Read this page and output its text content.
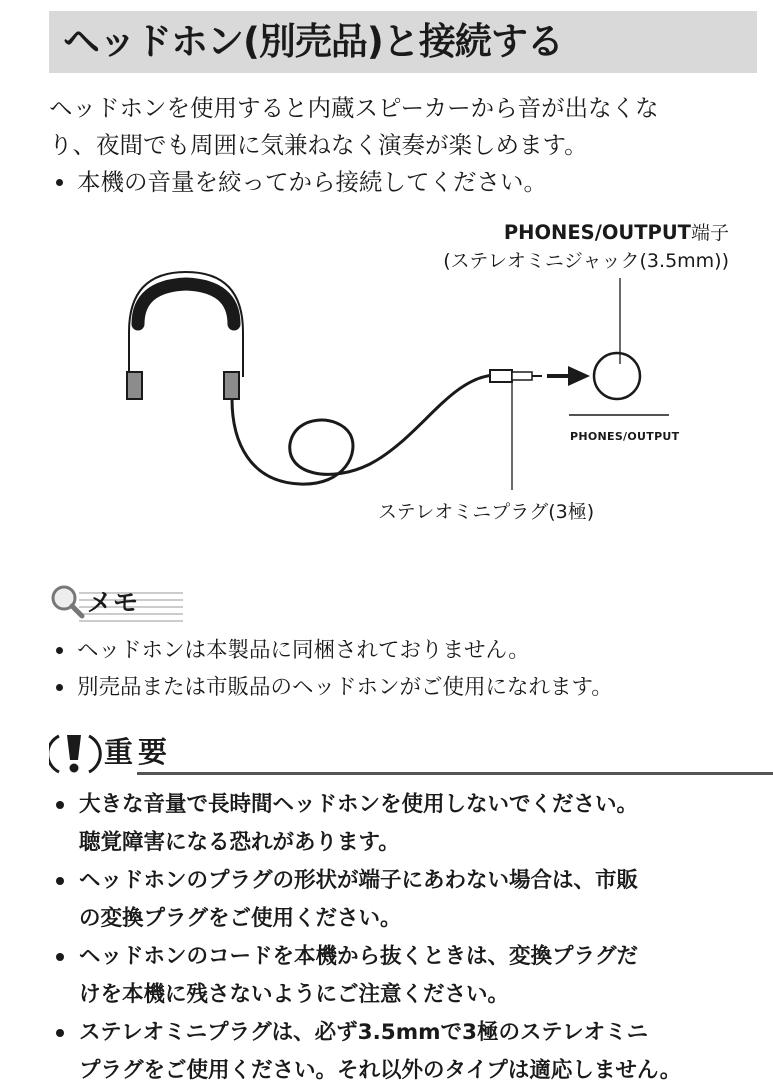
ヘッドホン(別売品)と接続する
ヘッドホンを使用すると内蔵スピーカーから音が出なくな
り、夜間でも周囲に気兼ねなく演奏が楽しめます。
本機の音量を絞ってから接続してください。
PHONES/OUTPUT端子
(ステレオミニジャック(3.5mm))
PHONES/OUTPUT
ステレオミニプラグ(3極)
メモ
ヘッドホンは本製品に同梱されておりません。
別売品または市販品のヘッドホンがご使用になれます。
重要
大きな音量で長時間ヘッドホンを使用しないでください。
聴覚障害になる恐れがあります。
ヘッドホンのプラグの形状が端子にあわない場合は、市販
の変換プラグをご使用ください。
ヘッドホンのコードを本機から抜くときは、変換プラグだ
けを本機に残さないようにご注意ください。
ステレオミニプラグは、必ず3.5mmで3極のステレオミニ
プラグをご使用ください。それ以外のタイプは適応しません。
